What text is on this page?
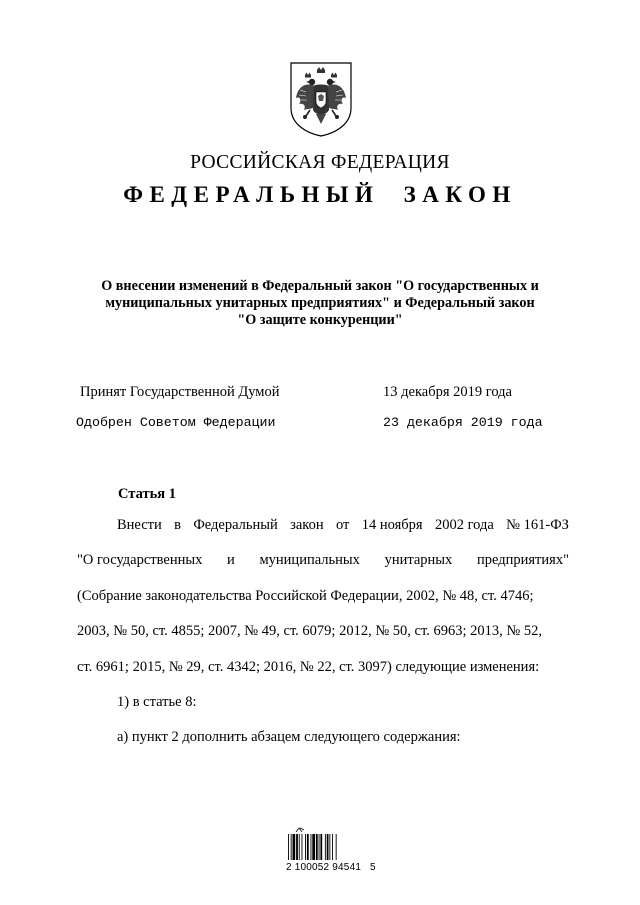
РОССИЙСКАЯ ФЕДЕРАЦИЯ
ФЕДЕРАЛЬНЫЙ ЗАКОН
О внесении изменений в Федеральный закон "О государственных и
муниципальных унитарных предприятиях" и Федеральный закон
"О защите конкуренции"
Принят Государственной Думой	13 декабря 2019 года
Одобрен Советом Федерации	23 декабря 2019 года
Статья 1
Внести в Федеральный закон от 14 ноября 2002 года № 161-ФЗ
"О государственных и муниципальных унитарных предприятиях"
(Собрание законодательства Российской Федерации, 2002, № 48, ст. 4746;
2003, № 50, ст. 4855; 2007, № 49, ст. 6079; 2012, № 50, ст. 6963; 2013, № 52,
ст. 6961; 2015, № 29, ст. 4342; 2016, № 22, ст. 3097) следующие изменения:
1) в статье 8:
а) пункт 2 дополнить абзацем следующего содержания:
2 100052 94541   5
